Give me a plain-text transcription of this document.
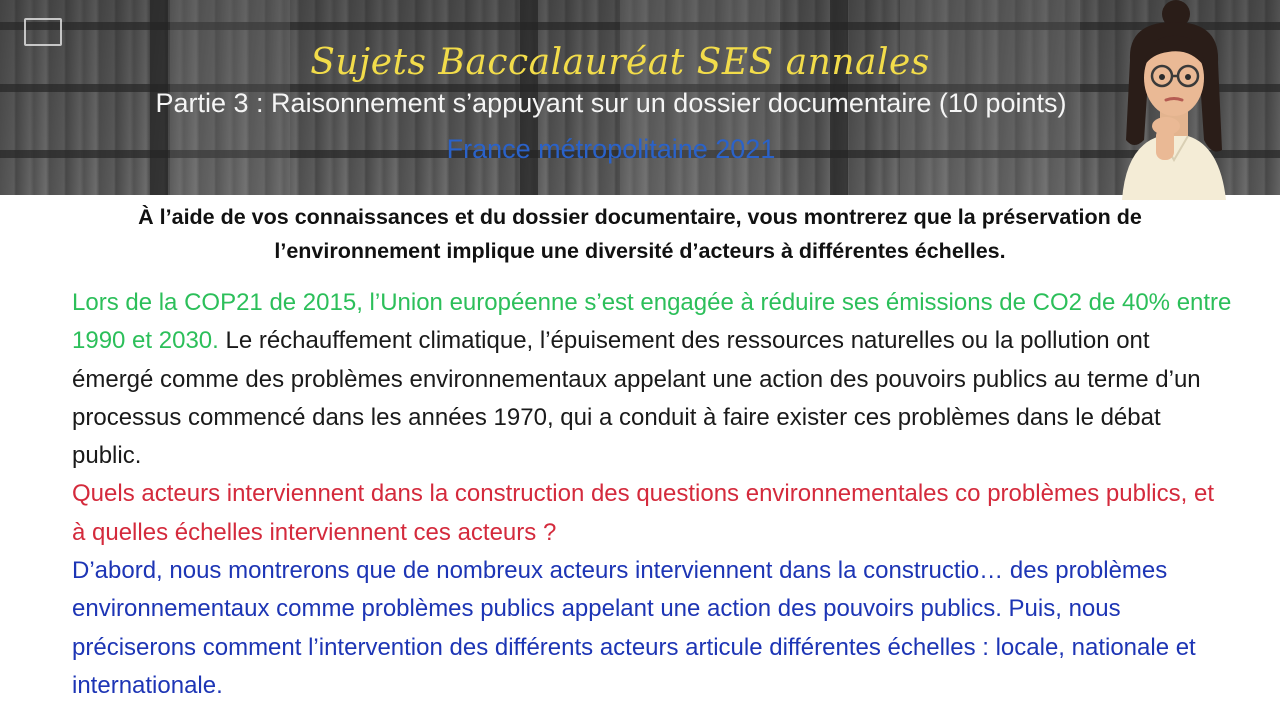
Sujets Baccalauréat SES annales
Partie 3 : Raisonnement s’appuyant sur un dossier documentaire (10 points)
France métropolitaine 2021
À l’aide de vos connaissances et du dossier documentaire, vous montrerez que la préservation de
l’environnement implique une diversité d’acteurs à différentes échelles.
Lors de la COP21 de 2015, l’Union européenne s’est engagée à réduire ses émissions de CO2 de 40% entre 1990 et 2030. Le réchauffement climatique, l’épuisement des ressources naturelles ou la pollution ont émergé comme des problèmes environnementaux appelant une action des pouvoirs publics au terme d’un processus commencé dans les années 1970, qui a conduit à faire exister ces problèmes dans le débat public.
Quels acteurs interviennent dans la construction des questions environnementales co problèmes publics, et à quelles échelles interviennent ces acteurs ?
D’abord, nous montrerons que de nombreux acteurs interviennent dans la constructio… des problèmes environnementaux comme problèmes publics appelant une action des pouvoirs publics. Puis, nous préciserons comment l’intervention des différents acteurs articule différentes échelles : locale, nationale et internationale.
